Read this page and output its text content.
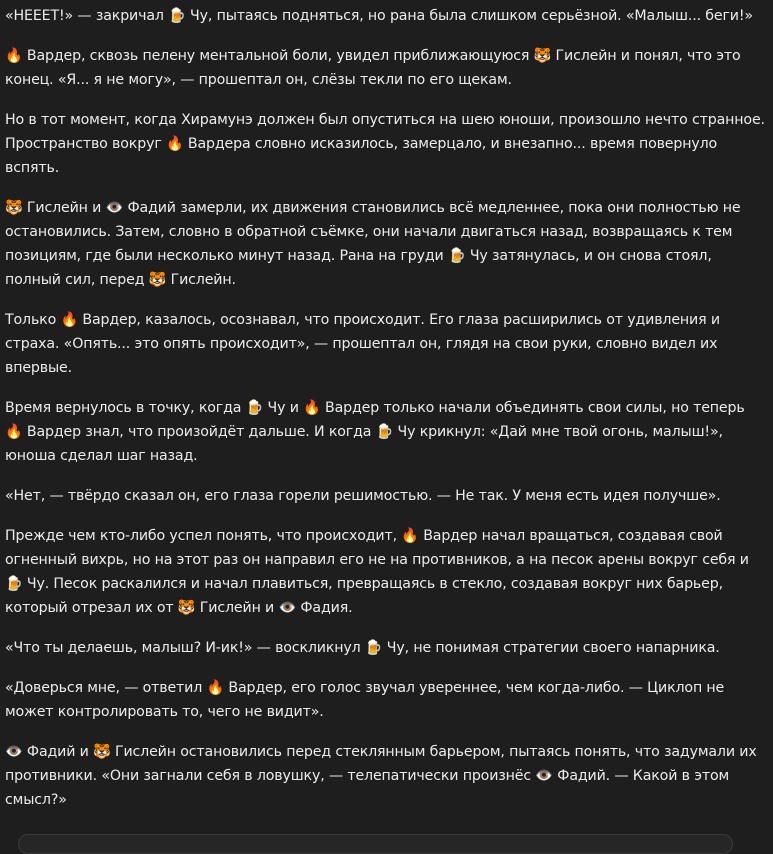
«НЕЕЕТ!» — закричал 🍺 Чу, пытаясь подняться, но рана была слишком серьёзной. «Малыш... беги!»

🔥 Вардер, сквозь пелену ментальной боли, увидел приближающуюся 🐯 Гислейн и понял, что это конец. «Я... я не могу», — прошептал он, слёзы текли по его щекам.

Но в тот момент, когда Хирамунэ должен был опуститься на шею юноши, произошло нечто странное. Пространство вокруг 🔥 Вардера словно исказилось, замерцало, и внезапно... время повернуло вспять.

🐯 Гислейн и 👁️ Фадий замерли, их движения становились всё медленнее, пока они полностью не остановились. Затем, словно в обратной съёмке, они начали двигаться назад, возвращаясь к тем позициям, где были несколько минут назад. Рана на груди 🍺 Чу затянулась, и он снова стоял, полный сил, перед 🐯 Гислейн.

Только 🔥 Вардер, казалось, осознавал, что происходит. Его глаза расширились от удивления и страха. «Опять... это опять происходит», — прошептал он, глядя на свои руки, словно видел их впервые.

Время вернулось в точку, когда 🍺 Чу и 🔥 Вардер только начали объединять свои силы, но теперь 🔥 Вардер знал, что произойдёт дальше. И когда 🍺 Чу крикнул: «Дай мне твой огонь, малыш!», юноша сделал шаг назад.

«Нет, — твёрдо сказал он, его глаза горели решимостью. — Не так. У меня есть идея получше».

Прежде чем кто-либо успел понять, что происходит, 🔥 Вардер начал вращаться, создавая свой огненный вихрь, но на этот раз он направил его не на противников, а на песок арены вокруг себя и 🍺 Чу. Песок раскалился и начал плавиться, превращаясь в стекло, создавая вокруг них барьер, который отрезал их от 🐯 Гислейн и 👁️ Фадия.

«Что ты делаешь, малыш? И-ик!» — воскликнул 🍺 Чу, не понимая стратегии своего напарника.

«Доверься мне, — ответил 🔥 Вардер, его голос звучал увереннее, чем когда-либо. — Циклоп не может контролировать то, чего не видит».

👁️ Фадий и 🐯 Гислейн остановились перед стеклянным барьером, пытаясь понять, что задумали их противники. «Они загнали себя в ловушку, — телепатически произнёс 👁️ Фадий. — Какой в этом смысл?»
